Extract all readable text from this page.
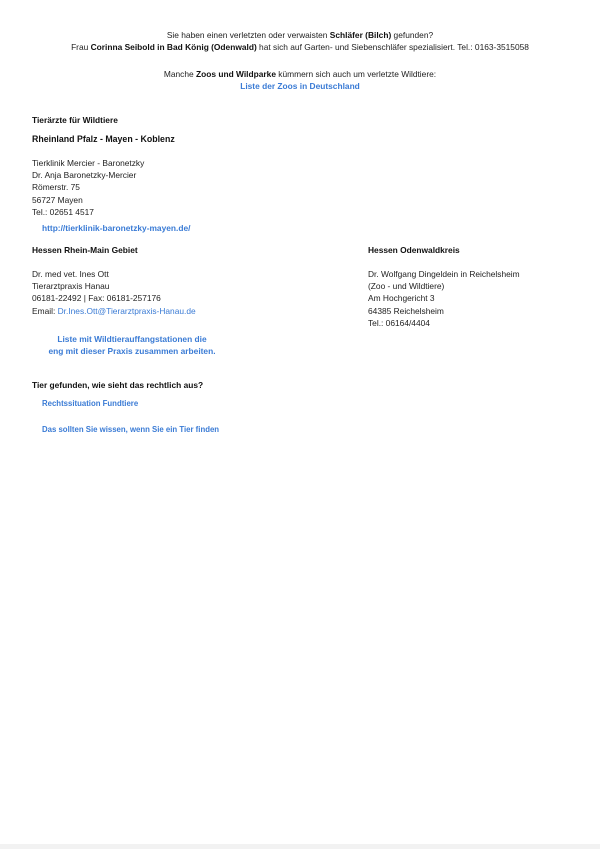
Sie haben einen verletzten oder verwaisten Schläfer (Bilch) gefunden?
Frau Corinna Seibold in Bad König (Odenwald) hat sich auf Garten- und Siebenschläfer spezialisiert. Tel.: 0163-3515058
Manche Zoos und Wildparke kümmern sich auch um verletzte Wildtiere:
Liste der Zoos in Deutschland
Tierärzte für Wildtiere
Rheinland Pfalz - Mayen - Koblenz
Tierklinik Mercier - Baronetzky
Dr. Anja Baronetzky-Mercier
Römerstr. 75
56727 Mayen
Tel.: 02651 4517
http://tierklinik-baronetzky-mayen.de/
Hessen Rhein-Main Gebiet
Dr. med vet. Ines Ott
Tierarztpraxis Hanau
06181-22492 | Fax: 06181-257176
Email: Dr.Ines.Ott@Tierarztpraxis-Hanau.de
Liste mit Wildtierauffangstationen die
eng mit dieser Praxis zusammen arbeiten.
Hessen Odenwaldkreis
Dr. Wolfgang Dingeldein in Reichelsheim
(Zoo - und Wildtiere)
Am Hochgericht 3
64385 Reichelsheim
Tel.: 06164/4404
Tier gefunden, wie sieht das rechtlich aus?
Rechtssituation Fundtiere
Das sollten Sie wissen, wenn Sie ein Tier finden
